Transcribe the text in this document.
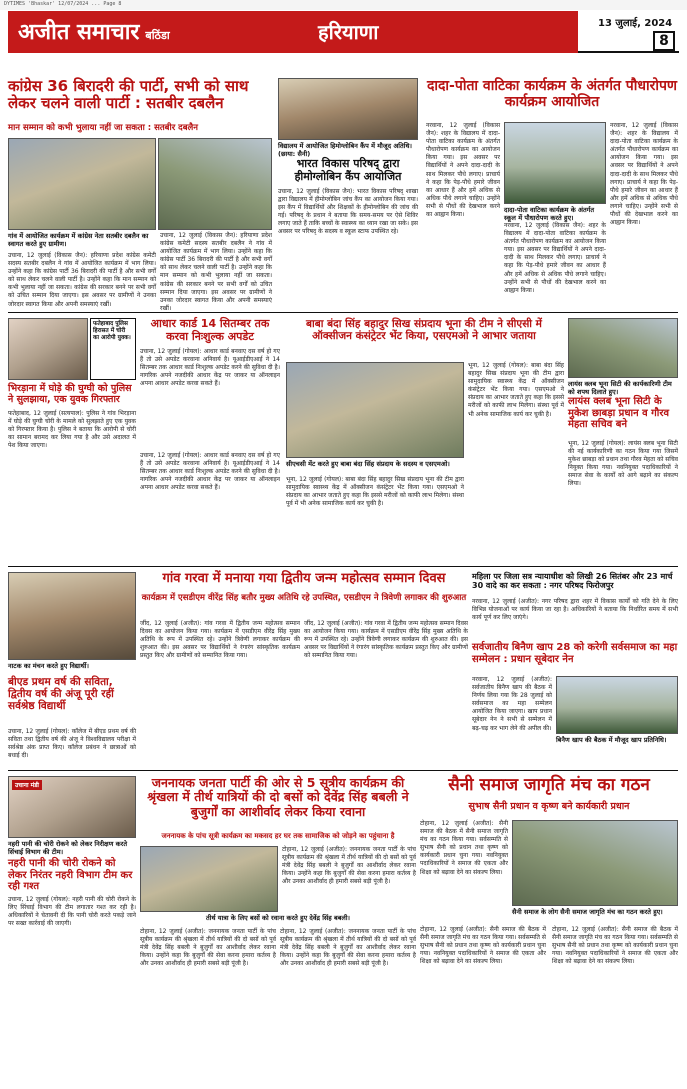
DYTIMES 'Bhaskar' 12/07/2024 ... Page 8
अजीत समाचार बठिंडा	हरियाणा	13 जुलाई, 2024
8
कांग्रेस 36 बिरादरी की पार्टी, सभी को साथ लेकर चलने वाली पार्टी : सतबीर दबलैन
मान सम्मान को कभी भुलाया नहीं जा सकता : सतबीर दबलैन
गांव में आयोजित कार्यक्रम में कांग्रेस नेता सतबीर दबलैन का स्वागत करते हुए ग्रामीण।
उचाना, 12 जुलाई (विकास जैन): हरियाणा प्रदेश कांग्रेस कमेटी सदस्य सतबीर दबलैन ने गांव में आयोजित कार्यक्रम में भाग लिया। उन्होंने कहा कि कांग्रेस पार्टी 36 बिरादरी की पार्टी है और सभी वर्गों को साथ लेकर चलने वाली पार्टी है। उन्होंने कहा कि मान सम्मान को कभी भुलाया नहीं जा सकता। कांग्रेस की सरकार बनने पर सभी वर्गों को उचित सम्मान दिया जाएगा। इस अवसर पर ग्रामीणों ने उनका जोरदार स्वागत किया और अपनी समस्याएं रखीं।
उचाना, 12 जुलाई (विकास जैन): हरियाणा प्रदेश कांग्रेस कमेटी सदस्य सतबीर दबलैन ने गांव में आयोजित कार्यक्रम में भाग लिया। उन्होंने कहा कि कांग्रेस पार्टी 36 बिरादरी की पार्टी है और सभी वर्गों को साथ लेकर चलने वाली पार्टी है। उन्होंने कहा कि मान सम्मान को कभी भुलाया नहीं जा सकता। कांग्रेस की सरकार बनने पर सभी वर्गों को उचित सम्मान दिया जाएगा। इस अवसर पर ग्रामीणों ने उनका जोरदार स्वागत किया और अपनी समस्याएं रखीं।
विद्यालय में आयोजित हिमोग्लोबिन कैंप में मौजूद अतिथि। (छाया: सैनी)
भारत विकास परिषद् द्वारा हीमोग्लोबिन कैंप आयोजित
उचाना, 12 जुलाई (विकास जैन): भारत विकास परिषद् शाखा द्वारा विद्यालय में हीमोग्लोबिन जांच कैंप का आयोजन किया गया। इस कैंप में विद्यार्थियों और शिक्षकों के हीमोग्लोबिन की जांच की गई। परिषद् के प्रधान ने बताया कि समय-समय पर ऐसे शिविर लगाए जाते हैं ताकि बच्चों के स्वास्थ्य का ध्यान रखा जा सके। इस अवसर पर परिषद् के सदस्य व स्कूल स्टाफ उपस्थित रहे।
दादा-पोता वाटिका कार्यक्रम के अंतर्गत पौधारोपण कार्यक्रम आयोजित
नरवाना, 12 जुलाई (विकास जैन): शहर के विद्यालय में दादा-पोता वाटिका कार्यक्रम के अंतर्गत पौधारोपण कार्यक्रम का आयोजन किया गया। इस अवसर पर विद्यार्थियों ने अपने दादा-दादी के साथ मिलकर पौधे लगाए। प्राचार्य ने कहा कि पेड़-पौधे हमारे जीवन का आधार हैं और हमें अधिक से अधिक पौधे लगाने चाहिए। उन्होंने सभी से पौधों की देखभाल करने का आह्वान किया।
दादा-पोता वाटिका कार्यक्रम के अंतर्गत स्कूल में पौधारोपण करते हुए।
नरवाना, 12 जुलाई (विकास जैन): शहर के विद्यालय में दादा-पोता वाटिका कार्यक्रम के अंतर्गत पौधारोपण कार्यक्रम का आयोजन किया गया। इस अवसर पर विद्यार्थियों ने अपने दादा-दादी के साथ मिलकर पौधे लगाए। प्राचार्य ने कहा कि पेड़-पौधे हमारे जीवन का आधार हैं और हमें अधिक से अधिक पौधे लगाने चाहिए। उन्होंने सभी से पौधों की देखभाल करने का आह्वान किया।
नरवाना, 12 जुलाई (विकास जैन): शहर के विद्यालय में दादा-पोता वाटिका कार्यक्रम के अंतर्गत पौधारोपण कार्यक्रम का आयोजन किया गया। इस अवसर पर विद्यार्थियों ने अपने दादा-दादी के साथ मिलकर पौधे लगाए। प्राचार्य ने कहा कि पेड़-पौधे हमारे जीवन का आधार हैं और हमें अधिक से अधिक पौधे लगाने चाहिए। उन्होंने सभी से पौधों की देखभाल करने का आह्वान किया।
आधार कार्ड 14 सितम्बर तक करवा निःशुल्क अपडेट
उचाना, 12 जुलाई (गोयल): आधार कार्ड बनवाए दस वर्ष हो गए हैं तो उसे अपडेट करवाना अनिवार्य है। यूआईडीएआई ने 14 सितम्बर तक आधार कार्ड निःशुल्क अपडेट करने की सुविधा दी है। नागरिक अपने नजदीकी आधार केंद्र पर जाकर या ऑनलाइन अपना आधार अपडेट करवा सकते हैं।
फतेहाबाद पुलिस हिरासत में चोरी का आरोपी युवक।
भिरड़ाना में घोड़े की घुग्घी को पुलिस ने सुलझाया, एक युवक गिरफ्तार
फतेहाबाद, 12 जुलाई (सत्यपाल): पुलिस ने गांव भिरड़ाना में घोड़े की घुग्घी चोरी के मामले को सुलझाते हुए एक युवक को गिरफ्तार किया है। पुलिस ने बताया कि आरोपी से चोरी का सामान बरामद कर लिया गया है और उसे अदालत में पेश किया जाएगा।
उचाना, 12 जुलाई (गोयल): आधार कार्ड बनवाए दस वर्ष हो गए हैं तो उसे अपडेट करवाना अनिवार्य है। यूआईडीएआई ने 14 सितम्बर तक आधार कार्ड निःशुल्क अपडेट करने की सुविधा दी है। नागरिक अपने नजदीकी आधार केंद्र पर जाकर या ऑनलाइन अपना आधार अपडेट करवा सकते हैं।
बाबा बंदा सिंह बहादुर सिख संप्रदाय भूना की टीम ने सीएसी में ऑक्सीजन कंसंट्रेटर भेंट किया, एसएमओ ने आभार जताया
सीएचसी मेंट करते हुए बाबा बंदा सिंह संप्रदाय के सदस्य व एसएमओ।
भूना, 12 जुलाई (गोयल): बाबा बंदा सिंह बहादुर सिख संप्रदाय भूना की टीम द्वारा सामुदायिक स्वास्थ्य केंद्र में ऑक्सीजन कंसंट्रेटर भेंट किया गया। एसएमओ ने संप्रदाय का आभार जताते हुए कहा कि इससे मरीजों को काफी लाभ मिलेगा। संस्था पूर्व में भी अनेक सामाजिक कार्य कर चुकी है।
भूना, 12 जुलाई (गोयल): बाबा बंदा सिंह बहादुर सिख संप्रदाय भूना की टीम द्वारा सामुदायिक स्वास्थ्य केंद्र में ऑक्सीजन कंसंट्रेटर भेंट किया गया। एसएमओ ने संप्रदाय का आभार जताते हुए कहा कि इससे मरीजों को काफी लाभ मिलेगा। संस्था पूर्व में भी अनेक सामाजिक कार्य कर चुकी है।
लायंस क्लब भूना सिटी की कार्यकारिणी टीम को शपथ दिलाते हुए।
लायंस क्लब भूना सिटी के मुकेश छाबड़ा प्रधान व गौरव मेहता सचिव बने
भूना, 12 जुलाई (गोयल): लायंस क्लब भूना सिटी की नई कार्यकारिणी का गठन किया गया जिसमें मुकेश छाबड़ा को प्रधान तथा गौरव मेहता को सचिव नियुक्त किया गया। नवनियुक्त पदाधिकारियों ने समाज सेवा के कार्यों को आगे बढ़ाने का संकल्प लिया।
गांव गरवा में मनाया गया द्वितीय जन्म महोत्सव सम्मान दिवस
कार्यक्रम में एसडीएम वीरेंद्र सिंह बतौर मुख्य अतिथि रहे उपस्थित, एसडीएम ने त्रिवेणी लगाकर की शुरुआत
नाटक का मंचन करते हुए विद्यार्थी।
जींद, 12 जुलाई (अजीत): गांव गरवा में द्वितीय जन्म महोत्सव सम्मान दिवस का आयोजन किया गया। कार्यक्रम में एसडीएम वीरेंद्र सिंह मुख्य अतिथि के रूप में उपस्थित रहे। उन्होंने त्रिवेणी लगाकर कार्यक्रम की शुरुआत की। इस अवसर पर विद्यार्थियों ने रंगारंग सांस्कृतिक कार्यक्रम प्रस्तुत किए और ग्रामीणों को सम्मानित किया गया।
जींद, 12 जुलाई (अजीत): गांव गरवा में द्वितीय जन्म महोत्सव सम्मान दिवस का आयोजन किया गया। कार्यक्रम में एसडीएम वीरेंद्र सिंह मुख्य अतिथि के रूप में उपस्थित रहे। उन्होंने त्रिवेणी लगाकर कार्यक्रम की शुरुआत की। इस अवसर पर विद्यार्थियों ने रंगारंग सांस्कृतिक कार्यक्रम प्रस्तुत किए और ग्रामीणों को सम्मानित किया गया।
बीएड प्रथम वर्ष की सविता, द्वितीय वर्ष की अंजू पूरी रहीं सर्वश्रेष्ठ विद्यार्थी
उचाना, 12 जुलाई (गोयल): कॉलेज में बीएड प्रथम वर्ष की सविता तथा द्वितीय वर्ष की अंजू ने विश्वविद्यालय परीक्षा में सर्वश्रेष्ठ अंक प्राप्त किए। कॉलेज प्रबंधन ने छात्राओं को बधाई दी।
महिला पर जिला सत्र न्यायाधीश को लिखी 26 सितंबर और 23 मार्च 30 वादे का कर सकता : नगर परिषद फिरोजपुर
नरवाना, 12 जुलाई (अजीत): नगर परिषद द्वारा शहर में विकास कार्यों को गति देने के लिए विभिन्न योजनाओं पर कार्य किया जा रहा है। अधिकारियों ने बताया कि निर्धारित समय में सभी कार्य पूर्ण कर लिए जाएंगे।
सर्वजातीय बिनैण खाप 28 को करेगी सर्वसमाज का महा सम्मेलन : प्रधान सूबेदार नेन
बिनैण खाप की बैठक में मौजूद खाप प्रतिनिधि।
नरवाना, 12 जुलाई (अजीत): सर्वजातीय बिनैण खाप की बैठक में निर्णय लिया गया कि 28 जुलाई को सर्वसमाज का महा सम्मेलन आयोजित किया जाएगा। खाप प्रधान सूबेदार नेन ने सभी से सम्मेलन में बढ़-चढ़ कर भाग लेने की अपील की।
उचाना मंडी
नहरी पानी की चोरी रोकने को लेकर निरीक्षण करते सिंचाई विभाग की टीम।
नहरी पानी की चोरी रोकने को लेकर निरंतर नहरी विभाग टीम कर रही गश्त
उचाना, 12 जुलाई (गोयल): नहरी पानी की चोरी रोकने के लिए सिंचाई विभाग की टीम लगातार गश्त कर रही है। अधिकारियों ने चेतावनी दी कि पानी चोरी करते पकड़े जाने पर सख्त कार्रवाई की जाएगी।
जननायक जनता पार्टी की ओर से 5 सूत्रीय कार्यक्रम की श्रृंखला में तीर्थ यात्रियों की दो बसों को देवेंद्र सिंह बबली ने बुजुर्गों का आशीर्वाद लेकर किया रवाना
जननायक के पांच सूत्री कार्यक्रम का मकसद हर घर तक सामाजिक को जोड़ने का पहुंचाना है
टोहाना, 12 जुलाई (अजीत): जननायक जनता पार्टी के पांच सूत्रीय कार्यक्रम की श्रृंखला में तीर्थ यात्रियों की दो बसों को पूर्व मंत्री देवेंद्र सिंह बबली ने बुजुर्गों का आशीर्वाद लेकर रवाना किया। उन्होंने कहा कि बुजुर्गों की सेवा करना हमारा कर्तव्य है और उनका आशीर्वाद ही हमारी सबसे बड़ी पूंजी है।
तीर्थ यात्रा के लिए बसों को रवाना करते हुए देवेंद्र सिंह बबली।
टोहाना, 12 जुलाई (अजीत): जननायक जनता पार्टी के पांच सूत्रीय कार्यक्रम की श्रृंखला में तीर्थ यात्रियों की दो बसों को पूर्व मंत्री देवेंद्र सिंह बबली ने बुजुर्गों का आशीर्वाद लेकर रवाना किया। उन्होंने कहा कि बुजुर्गों की सेवा करना हमारा कर्तव्य है और उनका आशीर्वाद ही हमारी सबसे बड़ी पूंजी है।
टोहाना, 12 जुलाई (अजीत): जननायक जनता पार्टी के पांच सूत्रीय कार्यक्रम की श्रृंखला में तीर्थ यात्रियों की दो बसों को पूर्व मंत्री देवेंद्र सिंह बबली ने बुजुर्गों का आशीर्वाद लेकर रवाना किया। उन्होंने कहा कि बुजुर्गों की सेवा करना हमारा कर्तव्य है और उनका आशीर्वाद ही हमारी सबसे बड़ी पूंजी है।
सैनी समाज जागृति मंच का गठन
सुभाष सैनी प्रधान व कृष्ण बने कार्यकारी प्रधान
टोहाना, 12 जुलाई (अजीत): सैनी समाज की बैठक में सैनी समाज जागृति मंच का गठन किया गया। सर्वसम्मति से सुभाष सैनी को प्रधान तथा कृष्ण को कार्यकारी प्रधान चुना गया। नवनियुक्त पदाधिकारियों ने समाज की एकता और शिक्षा को बढ़ावा देने का संकल्प लिया।
सैनी समाज के लोग सैनी समाज जागृति मंच का गठन करते हुए।
टोहाना, 12 जुलाई (अजीत): सैनी समाज की बैठक में सैनी समाज जागृति मंच का गठन किया गया। सर्वसम्मति से सुभाष सैनी को प्रधान तथा कृष्ण को कार्यकारी प्रधान चुना गया। नवनियुक्त पदाधिकारियों ने समाज की एकता और शिक्षा को बढ़ावा देने का संकल्प लिया।
टोहाना, 12 जुलाई (अजीत): सैनी समाज की बैठक में सैनी समाज जागृति मंच का गठन किया गया। सर्वसम्मति से सुभाष सैनी को प्रधान तथा कृष्ण को कार्यकारी प्रधान चुना गया। नवनियुक्त पदाधिकारियों ने समाज की एकता और शिक्षा को बढ़ावा देने का संकल्प लिया।
